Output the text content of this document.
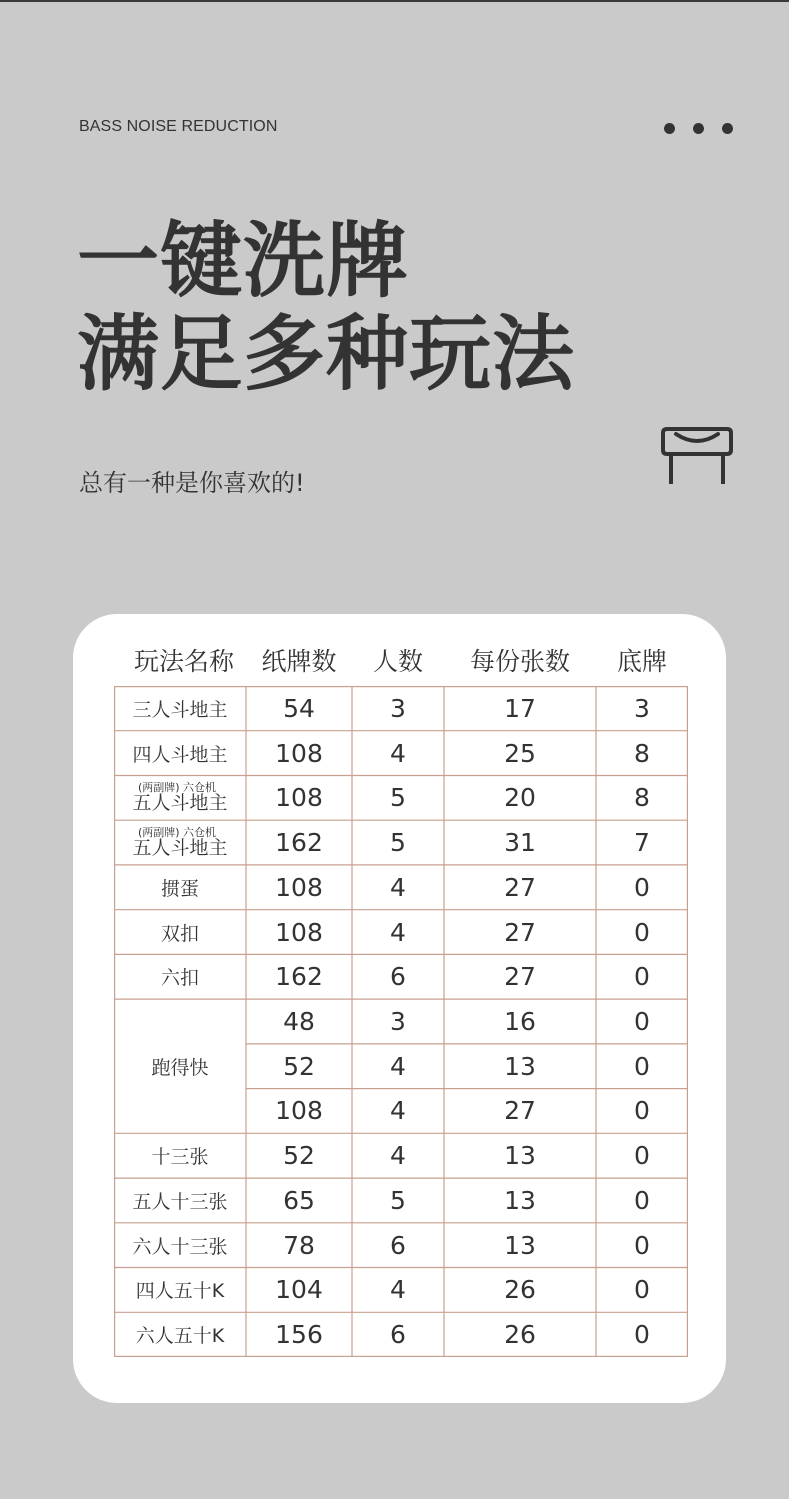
BASS NOISE REDUCTION
一键洗牌
满足多种玩法
总有一种是你喜欢的!
玩法名称	纸牌数	人数	每份张数	底牌
三人斗地主	54	3	17	3
四人斗地主	108	4	25	8
(两副牌) 六仓机
五人斗地主	108	5	20	8
(两副牌) 六仓机
五人斗地主	162	5	31	7
掼蛋	108	4	27	0
双扣	108	4	27	0
六扣	162	6	27	0
跑得快
48	3	16	0
52	4	13	0
108	4	27	0
十三张	52	4	13	0
五人十三张	65	5	13	0
六人十三张	78	6	13	0
四人五十K	104	4	26	0
六人五十K	156	6	26	0
